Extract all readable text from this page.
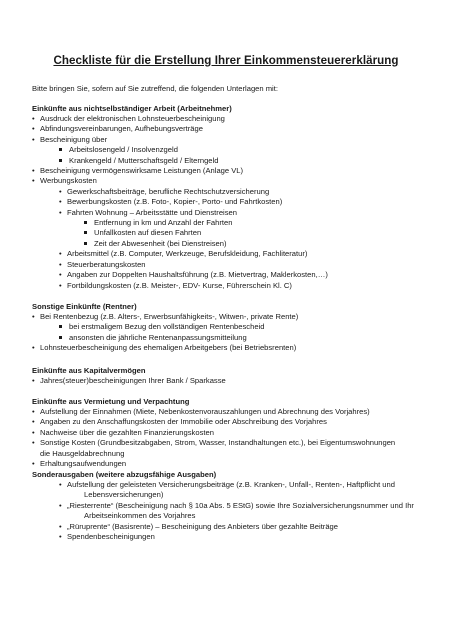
Checkliste für die Erstellung Ihrer Einkommensteuererklärung
Bitte bringen Sie, sofern auf Sie zutreffend, die folgenden Unterlagen mit:
Einkünfte aus nichtselbständiger Arbeit (Arbeitnehmer)
• Ausdruck der elektronischen Lohnsteuerbescheinigung
• Abfindungsvereinbarungen, Aufhebungsverträge
• Bescheinigung über
Arbeitslosengeld / Insolvenzgeld
Krankengeld / Mutterschaftsgeld / Elterngeld
• Bescheinigung vermögenswirksame Leistungen (Anlage VL)
• Werbungskosten
• Gewerkschaftsbeiträge, berufliche Rechtschutzversicherung
• Bewerbungskosten (z.B. Foto-, Kopier-, Porto- und Fahrtkosten)
• Fahrten Wohnung – Arbeitsstätte und Dienstreisen
Entfernung in km und Anzahl der Fahrten
Unfallkosten auf diesen Fahrten
Zeit der Abwesenheit (bei Dienstreisen)
• Arbeitsmittel (z.B. Computer, Werkzeuge, Berufskleidung, Fachliteratur)
• Steuerberatungskosten
• Angaben zur Doppelten Haushaltsführung (z.B. Mietvertrag, Maklerkosten,…)
• Fortbildungskosten (z.B. Meister-, EDV- Kurse, Führerschein Kl. C)
Sonstige Einkünfte (Rentner)
• Bei Rentenbezug (z.B. Alters-, Erwerbsunfähigkeits-, Witwen-, private Rente)
bei erstmaligem Bezug den vollständigen Rentenbescheid
ansonsten die jährliche Rentenanpassungsmitteilung
• Lohnsteuerbescheinigung des ehemaligen Arbeitgebers (bei Betriebsrenten)
Einkünfte aus Kapitalvermögen
• Jahres(steuer)bescheinigungen Ihrer Bank / Sparkasse
Einkünfte aus Vermietung und Verpachtung
• Aufstellung der Einnahmen (Miete, Nebenkostenvorauszahlungen und Abrechnung des Vorjahres)
• Angaben zu den Anschaffungskosten der Immobilie oder Abschreibung des Vorjahres
• Nachweise über die gezahlten Finanzierungskosten
• Sonstige Kosten (Grundbesitzabgaben, Strom, Wasser, Instandhaltungen etc.), bei Eigentumswohnungen
die Hausgeldabrechnung
• Erhaltungsaufwendungen
Sonderausgaben (weitere abzugsfähige Ausgaben)
• Aufstellung der geleisteten Versicherungsbeiträge (z.B. Kranken-, Unfall-, Renten-, Haftpflicht und
Lebensversicherungen)
• „Riesterrente“ (Bescheinigung nach § 10a Abs. 5 EStG) sowie Ihre Sozialversicherungsnummer und Ihr
Arbeitseinkommen des Vorjahres
• „Rüruprente“ (Basisrente) – Bescheinigung des Anbieters über gezahlte Beiträge
• Spendenbescheinigungen
